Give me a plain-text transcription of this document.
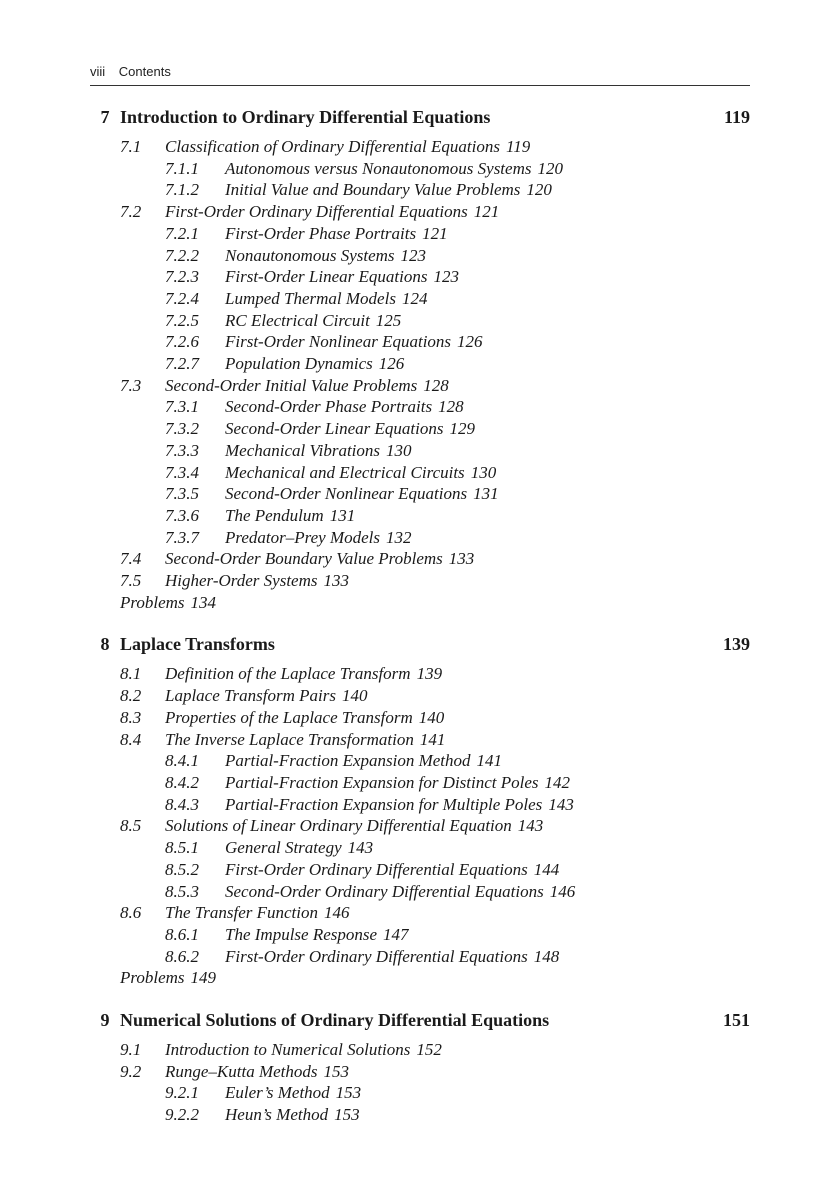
viii Contents
7 Introduction to Ordinary Differential Equations	119
7.1 Classification of Ordinary Differential Equations 119
7.1.1 Autonomous versus Nonautonomous Systems 120
7.1.2 Initial Value and Boundary Value Problems 120
7.2 First-Order Ordinary Differential Equations 121
7.2.1 First-Order Phase Portraits 121
7.2.2 Nonautonomous Systems 123
7.2.3 First-Order Linear Equations 123
7.2.4 Lumped Thermal Models 124
7.2.5 RC Electrical Circuit 125
7.2.6 First-Order Nonlinear Equations 126
7.2.7 Population Dynamics 126
7.3 Second-Order Initial Value Problems 128
7.3.1 Second-Order Phase Portraits 128
7.3.2 Second-Order Linear Equations 129
7.3.3 Mechanical Vibrations 130
7.3.4 Mechanical and Electrical Circuits 130
7.3.5 Second-Order Nonlinear Equations 131
7.3.6 The Pendulum 131
7.3.7 Predator–Prey Models 132
7.4 Second-Order Boundary Value Problems 133
7.5 Higher-Order Systems 133
Problems 134
8 Laplace Transforms	139
8.1 Definition of the Laplace Transform 139
8.2 Laplace Transform Pairs 140
8.3 Properties of the Laplace Transform 140
8.4 The Inverse Laplace Transformation 141
8.4.1 Partial-Fraction Expansion Method 141
8.4.2 Partial-Fraction Expansion for Distinct Poles 142
8.4.3 Partial-Fraction Expansion for Multiple Poles 143
8.5 Solutions of Linear Ordinary Differential Equation 143
8.5.1 General Strategy 143
8.5.2 First-Order Ordinary Differential Equations 144
8.5.3 Second-Order Ordinary Differential Equations 146
8.6 The Transfer Function 146
8.6.1 The Impulse Response 147
8.6.2 First-Order Ordinary Differential Equations 148
Problems 149
9 Numerical Solutions of Ordinary Differential Equations	151
9.1 Introduction to Numerical Solutions 152
9.2 Runge–Kutta Methods 153
9.2.1 Euler’s Method 153
9.2.2 Heun’s Method 153
